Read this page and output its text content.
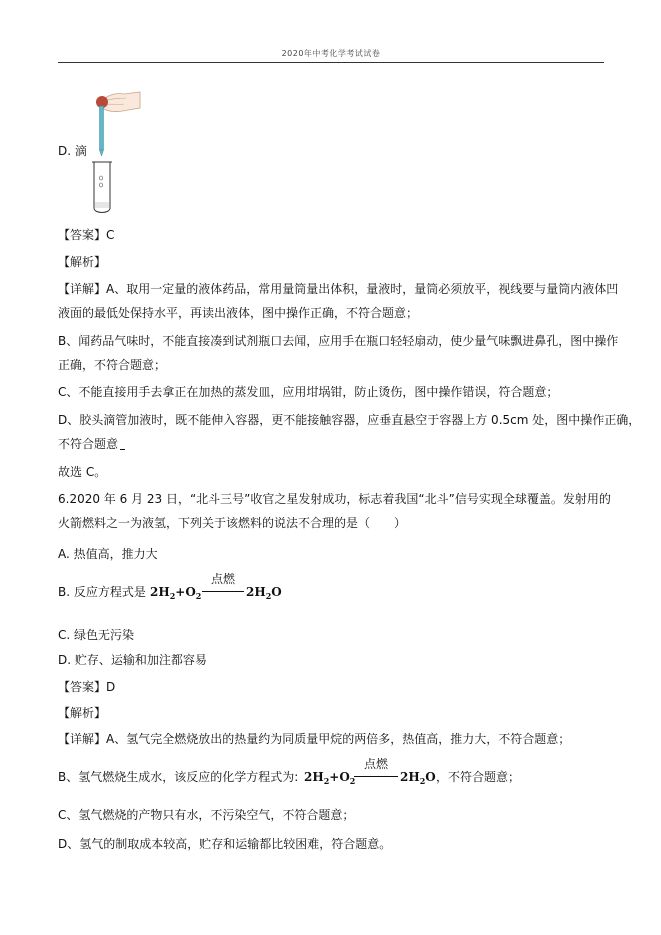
2020年中考化学考试试卷
D. 滴
【答案】C
【解析】
【详解】A、取用一定量的液体药品，常用量筒量出体积，量液时，量筒必须放平，视线要与量筒内液体凹
液面的最低处保持水平，再读出液体，图中操作正确，不符合题意；
B、闻药品气味时，不能直接凑到试剂瓶口去闻，应用手在瓶口轻轻扇动，使少量气味飘进鼻孔，图中操作
正确，不符合题意；
C、不能直接用手去拿正在加热的蒸发皿，应用坩埚钳，防止烫伤，图中操作错误，符合题意；
D、胶头滴管加液时，既不能伸入容器，更不能接触容器，应垂直悬空于容器上方 0.5cm 处，图中操作正确，
不符合题意
故选 C。
6.2020 年 6 月 23 日，“北斗三号”收官之星发射成功，标志着我国“北斗”信号实现全球覆盖。发射用的
火箭燃料之一为液氢，下列关于该燃料的说法不合理的是（　　）
A. 热值高，推力大
B. 反应方程式是 $2H_2+O_2$
点燃
$2H_2O$
C. 绿色无污染
D. 贮存、运输和加注都容易
【答案】D
【解析】
【详解】A、氢气完全燃烧放出的热量约为同质量甲烷的两倍多，热值高，推力大，不符合题意；
B、氢气燃烧生成水，该反应的化学方程式为: $2H_2+O_2$
点燃
$2H_2O$ ，不符合题意；
C、氢气燃烧的产物只有水，不污染空气，不符合题意；
D、氢气的制取成本较高，贮存和运输都比较困难，符合题意。
